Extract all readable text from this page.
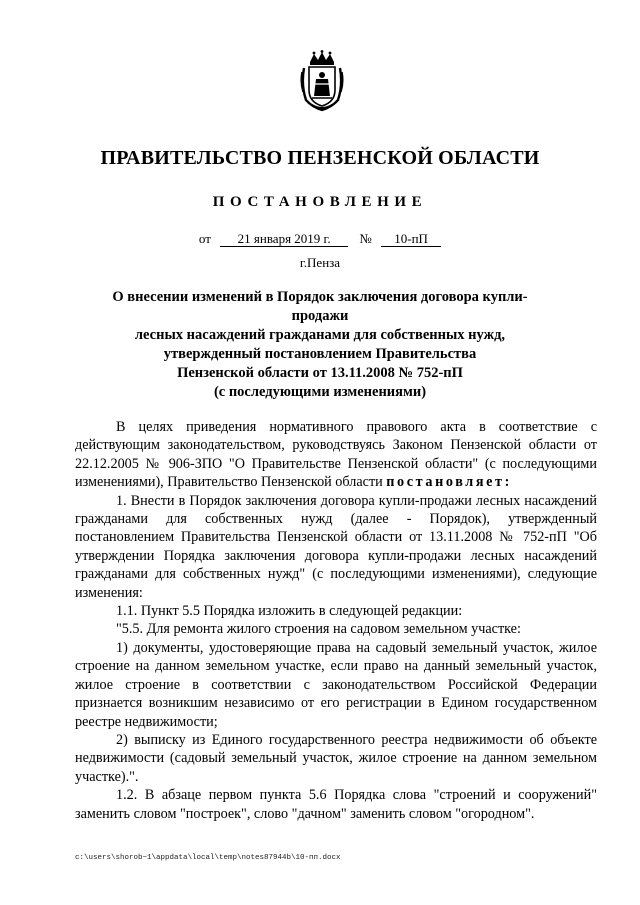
ПРАВИТЕЛЬСТВО ПЕНЗЕНСКОЙ ОБЛАСТИ
ПОСТАНОВЛЕНИЕ
от 21 января 2019 г. № 10-пП
г.Пенза
О внесении изменений в Порядок заключения договора купли-продажи
лесных насаждений гражданами для собственных нужд,
утвержденный постановлением Правительства
Пензенской области от 13.11.2008 № 752-пП
(с последующими изменениями)

В целях приведения нормативного правового акта в соответствие с действующим законодательством, руководствуясь Законом Пензенской области от 22.12.2005 № 906-ЗПО "О Правительстве Пензенской области" (с последующими изменениями), Правительство Пензенской области постановляет:

1. Внести в Порядок заключения договора купли-продажи лесных насаждений гражданами для собственных нужд (далее - Порядок), утвержденный постановлением Правительства Пензенской области от 13.11.2008 № 752-пП "Об утверждении Порядка заключения договора купли-продажи лесных насаждений гражданами для собственных нужд" (с последующими изменениями), следующие изменения:

1.1. Пункт 5.5 Порядка изложить в следующей редакции:

"5.5. Для ремонта жилого строения на садовом земельном участке:

1) документы, удостоверяющие права на садовый земельный участок, жилое строение на данном земельном участке, если право на данный земельный участок, жилое строение в соответствии с законодательством Российской Федерации признается возникшим независимо от его регистрации в Едином государственном реестре недвижимости;

2) выписку из Единого государственного реестра недвижимости об объекте недвижимости (садовый земельный участок, жилое строение на данном земельном участке).".

1.2. В абзаце первом пункта 5.6 Порядка слова "строений и сооружений" заменить словом "построек", слово "дачном" заменить словом "огородном".

c:\users\shorob~1\appdata\local\temp\notes87944b\10-пп.docx
